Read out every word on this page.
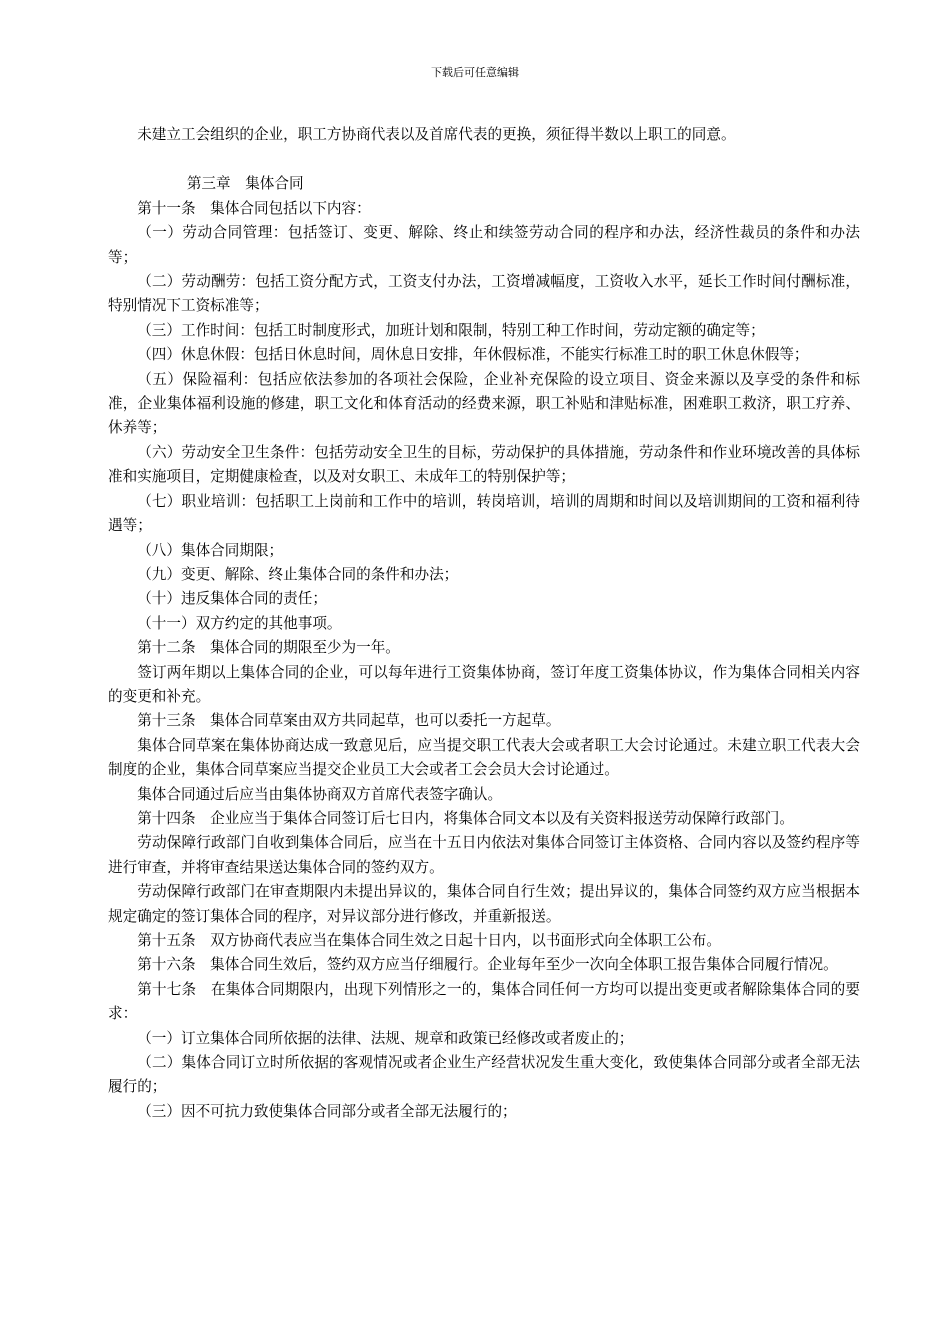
下载后可任意编辑

未建立工会组织的企业，职工方协商代表以及首席代表的更换，须征得半数以上职工的同意。

第三章　集体合同

第十一条　集体合同包括以下内容：

（一）劳动合同管理：包括签订、变更、解除、终止和续签劳动合同的程序和办法，经济性裁员的条件和办法等；

（二）劳动酬劳：包括工资分配方式，工资支付办法，工资增减幅度，工资收入水平，延长工作时间付酬标准，特别情况下工资标准等；

（三）工作时间：包括工时制度形式，加班计划和限制，特别工种工作时间，劳动定额的确定等；

（四）休息休假：包括日休息时间，周休息日安排，年休假标准，不能实行标准工时的职工休息休假等；

（五）保险福利：包括应依法参加的各项社会保险，企业补充保险的设立项目、资金来源以及享受的条件和标准，企业集体福利设施的修建，职工文化和体育活动的经费来源，职工补贴和津贴标准，困难职工救济，职工疗养、休养等；

（六）劳动安全卫生条件：包括劳动安全卫生的目标，劳动保护的具体措施，劳动条件和作业环境改善的具体标准和实施项目，定期健康检查，以及对女职工、未成年工的特别保护等；

（七）职业培训：包括职工上岗前和工作中的培训，转岗培训，培训的周期和时间以及培训期间的工资和福利待遇等；

（八）集体合同期限；

（九）变更、解除、终止集体合同的条件和办法；

（十）违反集体合同的责任；

（十一）双方约定的其他事项。

第十二条　集体合同的期限至少为一年。

签订两年期以上集体合同的企业，可以每年进行工资集体协商，签订年度工资集体协议，作为集体合同相关内容的变更和补充。

第十三条　集体合同草案由双方共同起草，也可以委托一方起草。

集体合同草案在集体协商达成一致意见后，应当提交职工代表大会或者职工大会讨论通过。未建立职工代表大会制度的企业，集体合同草案应当提交企业员工大会或者工会会员大会讨论通过。

集体合同通过后应当由集体协商双方首席代表签字确认。

第十四条　企业应当于集体合同签订后七日内，将集体合同文本以及有关资料报送劳动保障行政部门。

劳动保障行政部门自收到集体合同后，应当在十五日内依法对集体合同签订主体资格、合同内容以及签约程序等进行审查，并将审查结果送达集体合同的签约双方。

劳动保障行政部门在审查期限内未提出异议的，集体合同自行生效；提出异议的，集体合同签约双方应当根据本规定确定的签订集体合同的程序，对异议部分进行修改，并重新报送。

第十五条　双方协商代表应当在集体合同生效之日起十日内，以书面形式向全体职工公布。

第十六条　集体合同生效后，签约双方应当仔细履行。企业每年至少一次向全体职工报告集体合同履行情况。

第十七条　在集体合同期限内，出现下列情形之一的，集体合同任何一方均可以提出变更或者解除集体合同的要求：

（一）订立集体合同所依据的法律、法规、规章和政策已经修改或者废止的；

（二）集体合同订立时所依据的客观情况或者企业生产经营状况发生重大变化，致使集体合同部分或者全部无法履行的；

（三）因不可抗力致使集体合同部分或者全部无法履行的；
